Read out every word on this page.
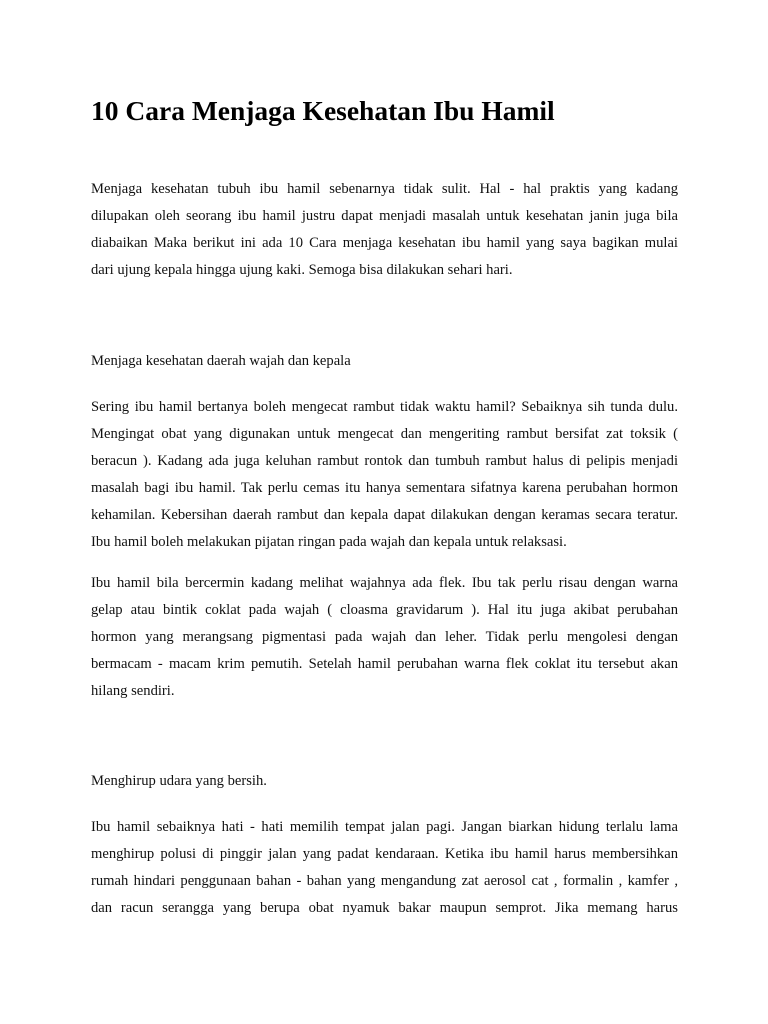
10 Cara Menjaga Kesehatan Ibu Hamil
Menjaga kesehatan tubuh ibu hamil sebenarnya tidak sulit. Hal - hal praktis yang kadang
dilupakan oleh seorang ibu hamil justru dapat menjadi masalah untuk kesehatan janin juga bila
diabaikan Maka berikut ini ada 10 Cara menjaga kesehatan ibu hamil yang saya bagikan mulai
dari ujung kepala hingga ujung kaki. Semoga bisa dilakukan sehari hari.
Menjaga kesehatan daerah wajah dan kepala
Sering ibu hamil bertanya boleh mengecat rambut tidak waktu hamil? Sebaiknya sih tunda dulu.
Mengingat obat yang digunakan untuk mengecat dan mengeriting rambut bersifat zat toksik (
beracun ). Kadang ada juga keluhan rambut rontok dan tumbuh rambut halus di pelipis menjadi
masalah bagi ibu hamil. Tak perlu cemas itu hanya sementara sifatnya karena perubahan hormon
kehamilan. Kebersihan daerah rambut dan kepala dapat dilakukan dengan keramas secara teratur.
Ibu hamil boleh melakukan pijatan ringan pada wajah dan kepala untuk relaksasi.
Ibu hamil bila bercermin kadang melihat wajahnya ada flek. Ibu tak perlu risau dengan warna
gelap atau bintik coklat pada wajah ( cloasma gravidarum ). Hal itu juga akibat perubahan
hormon yang merangsang pigmentasi pada wajah dan leher. Tidak perlu mengolesi dengan
bermacam - macam krim pemutih. Setelah hamil perubahan warna flek coklat itu tersebut akan
hilang sendiri.
Menghirup udara yang bersih.
Ibu hamil sebaiknya hati - hati memilih tempat jalan pagi. Jangan biarkan hidung terlalu lama
menghirup polusi di pinggir jalan yang padat kendaraan. Ketika ibu hamil harus membersihkan
rumah hindari penggunaan bahan - bahan yang mengandung zat aerosol cat , formalin , kamfer ,
dan racun serangga yang berupa obat nyamuk bakar maupun semprot. Jika memang harus
